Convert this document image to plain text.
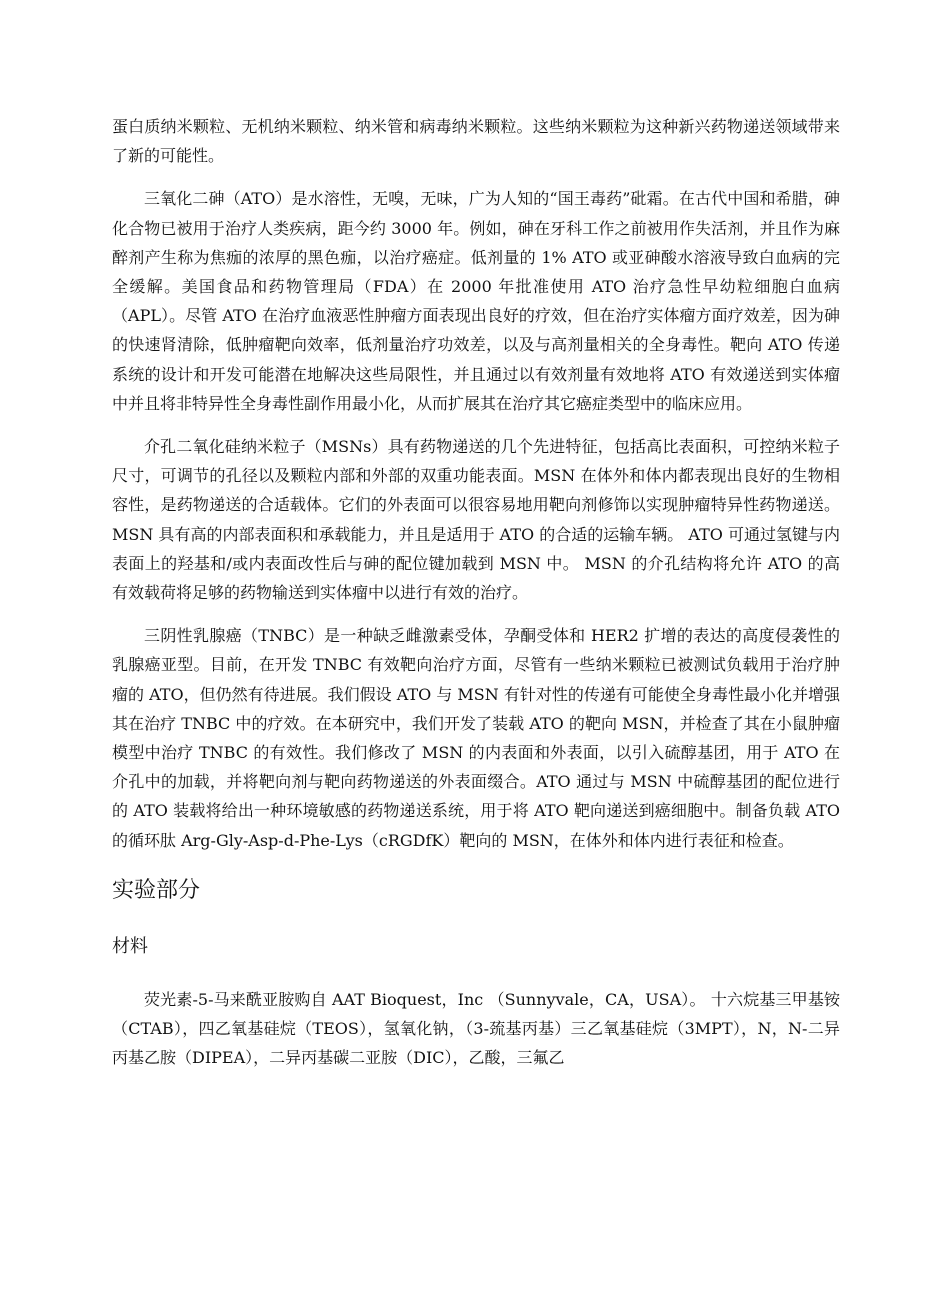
蛋白质纳米颗粒、无机纳米颗粒、纳米管和病毒纳米颗粒。这些纳米颗粒为这种新兴药物递送领域带来了新的可能性。

三氧化二砷（ATO）是水溶性，无嗅，无味，广为人知的“国王毒药”砒霜。在古代中国和希腊，砷化合物已被用于治疗人类疾病，距今约 3000 年。例如，砷在牙科工作之前被用作失活剂，并且作为麻醉剂产生称为焦痂的浓厚的黑色痂，以治疗癌症。低剂量的 1% ATO 或亚砷酸水溶液导致白血病的完全缓解。美国食品和药物管理局（FDA）在 2000 年批准使用 ATO 治疗急性早幼粒细胞白血病（APL）。尽管 ATO 在治疗血液恶性肿瘤方面表现出良好的疗效，但在治疗实体瘤方面疗效差，因为砷的快速肾清除，低肿瘤靶向效率，低剂量治疗功效差，以及与高剂量相关的全身毒性。靶向 ATO 传递系统的设计和开发可能潜在地解决这些局限性，并且通过以有效剂量有效地将 ATO 有效递送到实体瘤中并且将非特异性全身毒性副作用最小化，从而扩展其在治疗其它癌症类型中的临床应用。

介孔二氧化硅纳米粒子（MSNs）具有药物递送的几个先进特征，包括高比表面积，可控纳米粒子尺寸，可调节的孔径以及颗粒内部和外部的双重功能表面。MSN 在体外和体内都表现出良好的生物相容性，是药物递送的合适载体。它们的外表面可以很容易地用靶向剂修饰以实现肿瘤特异性药物递送。MSN 具有高的内部表面积和承载能力，并且是适用于 ATO 的合适的运输车辆。 ATO 可通过氢键与内表面上的羟基和/或内表面改性后与砷的配位键加载到 MSN 中。 MSN 的介孔结构将允许 ATO 的高有效载荷将足够的药物输送到实体瘤中以进行有效的治疗。

三阴性乳腺癌（TNBC）是一种缺乏雌激素受体，孕酮受体和 HER2 扩增的表达的高度侵袭性的乳腺癌亚型。目前，在开发 TNBC 有效靶向治疗方面，尽管有一些纳米颗粒已被测试负载用于治疗肿瘤的 ATO，但仍然有待进展。我们假设 ATO 与 MSN 有针对性的传递有可能使全身毒性最小化并增强其在治疗 TNBC 中的疗效。在本研究中，我们开发了装载 ATO 的靶向 MSN，并检查了其在小鼠肿瘤模型中治疗 TNBC 的有效性。我们修改了 MSN 的内表面和外表面，以引入硫醇基团，用于 ATO 在介孔中的加载，并将靶向剂与靶向药物递送的外表面缀合。ATO 通过与 MSN 中硫醇基团的配位进行的 ATO 装载将给出一种环境敏感的药物递送系统，用于将 ATO 靶向递送到癌细胞中。制备负载 ATO 的循环肽 Arg-Gly-Asp-d-Phe-Lys（cRGDfK）靶向的 MSN，在体外和体内进行表征和检查。

实验部分
材料

荧光素-5-马来酰亚胺购自 AAT Bioquest，Inc （Sunnyvale，CA，USA）。 十六烷基三甲基铵（CTAB），四乙氧基硅烷（TEOS），氢氧化钠，（3-巯基丙基）三乙氧基硅烷（3MPT），N，N-二异丙基乙胺（DIPEA），二异丙基碳二亚胺（DIC），乙酸，三氟乙
